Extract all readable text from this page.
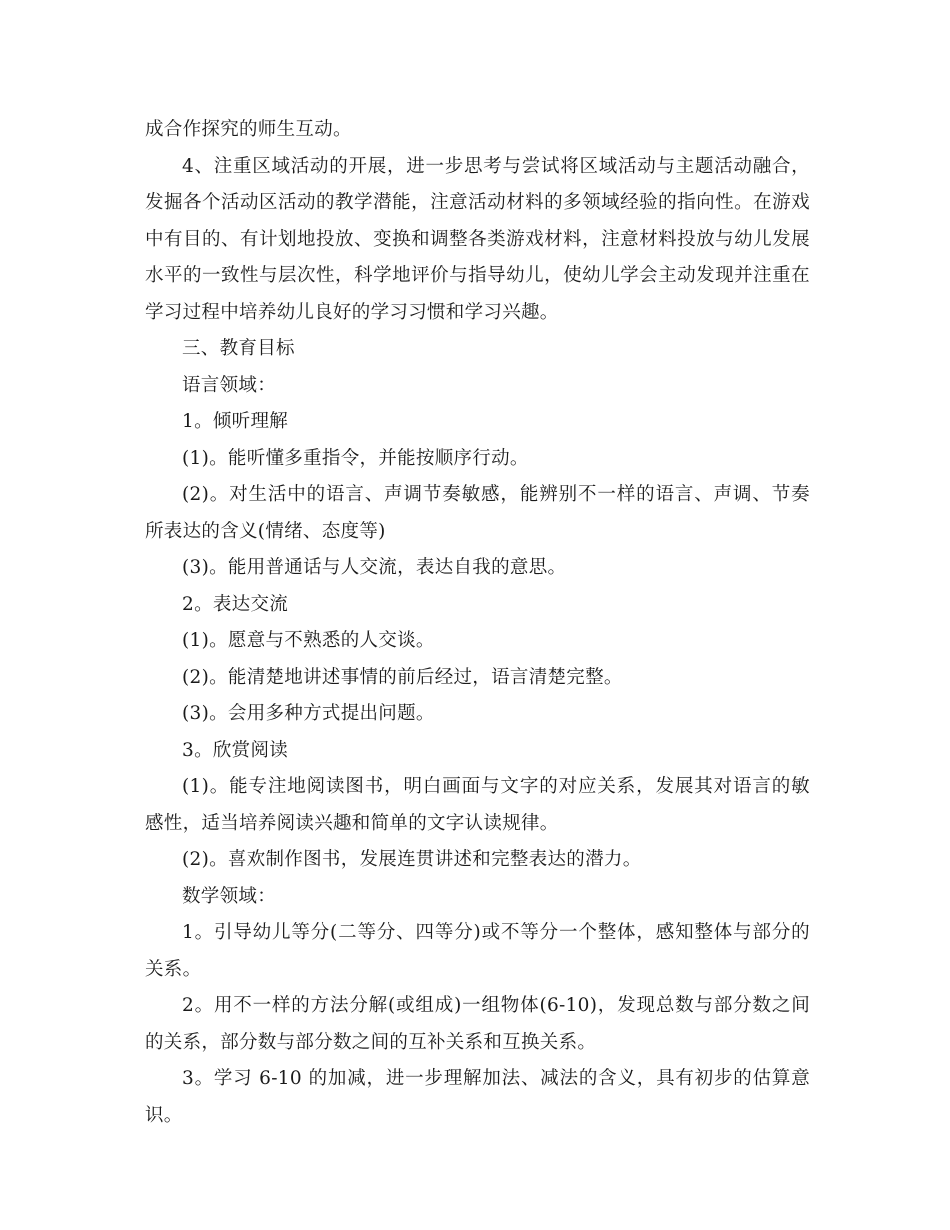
成合作探究的师生互动。

4、注重区域活动的开展，进一步思考与尝试将区域活动与主题活动融合，发掘各个活动区活动的教学潜能，注意活动材料的多领域经验的指向性。在游戏中有目的、有计划地投放、变换和调整各类游戏材料，注意材料投放与幼儿发展水平的一致性与层次性，科学地评价与指导幼儿，使幼儿学会主动发现并注重在学习过程中培养幼儿良好的学习习惯和学习兴趣。

三、教育目标

语言领域：

1。倾听理解

(1)。能听懂多重指令，并能按顺序行动。

(2)。对生活中的语言、声调节奏敏感，能辨别不一样的语言、声调、节奏所表达的含义(情绪、态度等)

(3)。能用普通话与人交流，表达自我的意思。

2。表达交流

(1)。愿意与不熟悉的人交谈。

(2)。能清楚地讲述事情的前后经过，语言清楚完整。

(3)。会用多种方式提出问题。

3。欣赏阅读

(1)。能专注地阅读图书，明白画面与文字的对应关系，发展其对语言的敏感性，适当培养阅读兴趣和简单的文字认读规律。

(2)。喜欢制作图书，发展连贯讲述和完整表达的潜力。

数学领域：

1。引导幼儿等分(二等分、四等分)或不等分一个整体，感知整体与部分的关系。

2。用不一样的方法分解(或组成)一组物体(6-10)，发现总数与部分数之间的关系，部分数与部分数之间的互补关系和互换关系。

3。学习 6-10 的加减，进一步理解加法、减法的含义，具有初步的估算意识。
